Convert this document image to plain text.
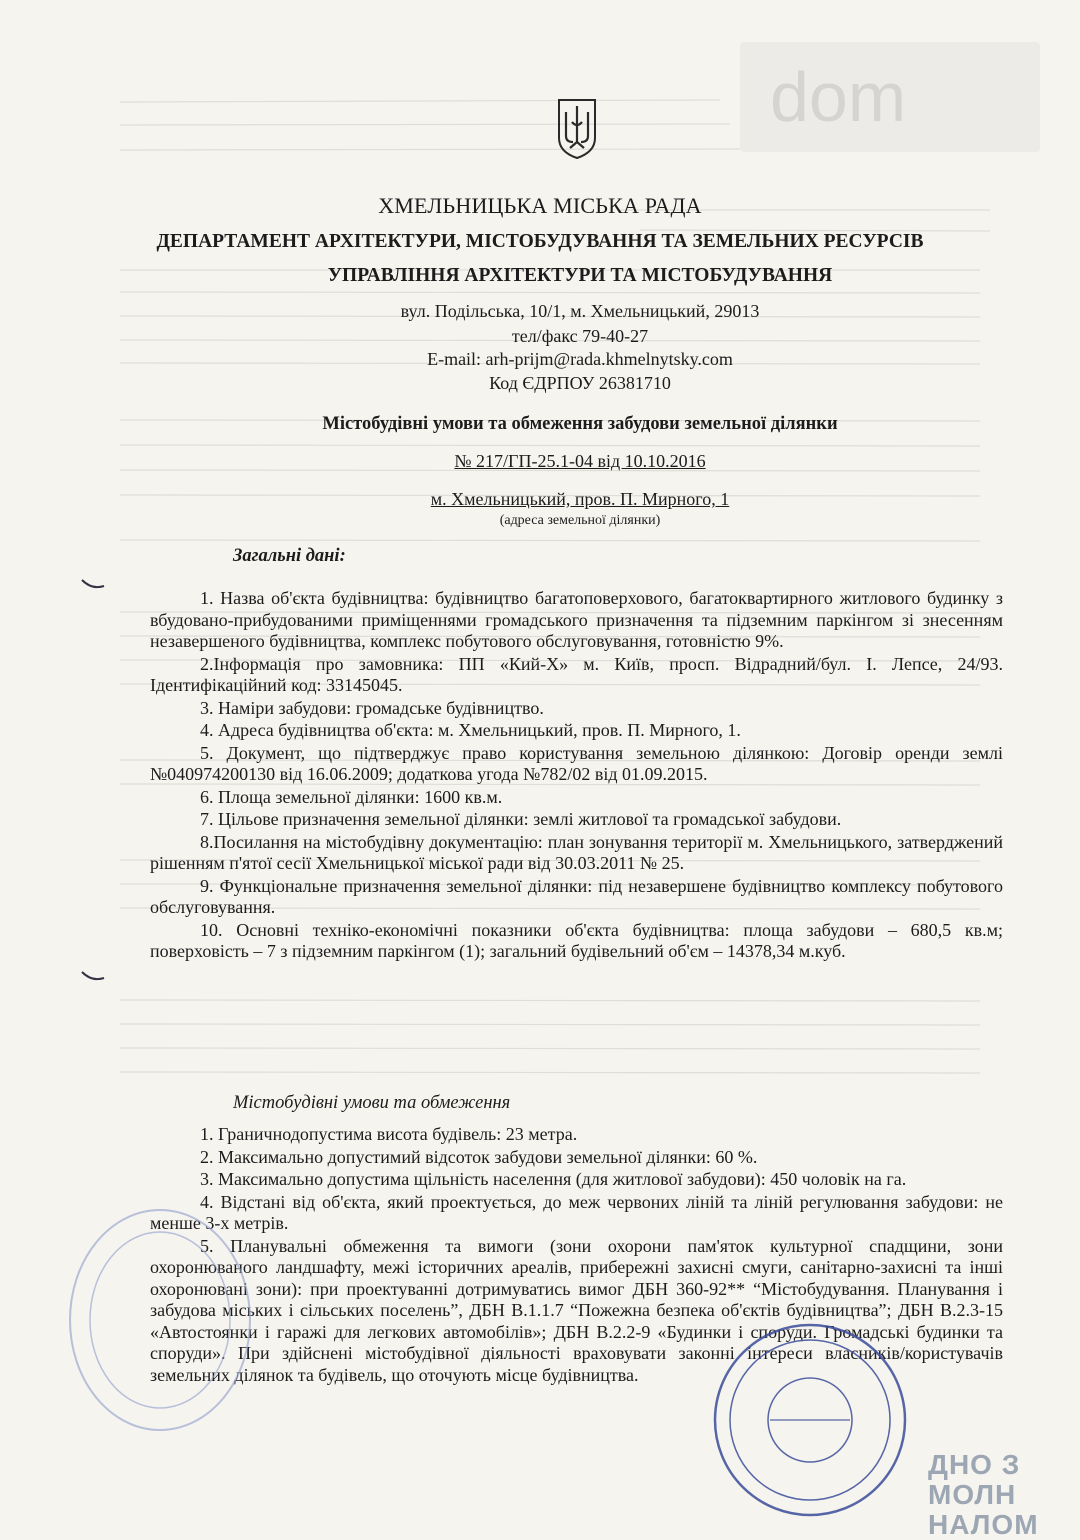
dom
ХМЕЛЬНИЦЬКА МІСЬКА РАДА
ДЕПАРТАМЕНТ АРХІТЕКТУРИ, МІСТОБУДУВАННЯ ТА ЗЕМЕЛЬНИХ РЕСУРСІВ
УПРАВЛІННЯ АРХІТЕКТУРИ ТА МІСТОБУДУВАННЯ
вул. Подільська, 10/1, м. Хмельницький, 29013
тел/факс 79-40-27
E-mail: arh-prijm@rada.khmelnytsky.com
Код ЄДРПОУ 26381710
Містобудівні умови та обмеження забудови земельної ділянки
№ 217/ГП-25.1-04 від 10.10.2016
м. Хмельницький, пров. П. Мирного, 1
(адреса земельної ділянки)
Загальні дані:

1. Назва об'єкта будівництва: будівництво багатоповерхового, багатоквартирного житлового будинку з вбудовано-прибудованими приміщеннями громадського призначення та підземним паркінгом зі знесенням незавершеного будівництва, комплекс побутового обслуговування, готовністю 9%.

2.Інформація про замовника: ПП «Кий-Х» м. Київ, просп. Відрадний/бул. І. Лепсе, 24/93. Ідентифікаційний код: 33145045.

3. Наміри забудови: громадське будівництво.

4. Адреса будівництва об'єкта: м. Хмельницький, пров. П. Мирного, 1.

5. Документ, що підтверджує право користування земельною ділянкою: Договір оренди землі №040974200130 від 16.06.2009; додаткова угода №782/02 від 01.09.2015.

6. Площа земельної ділянки: 1600 кв.м.

7. Цільове призначення земельної ділянки: землі житлової та громадської забудови.

8.Посилання на містобудівну документацію: план зонування території м. Хмельницького, затверджений рішенням п'ятої сесії Хмельницької міської ради від 30.03.2011 № 25.

9. Функціональне призначення земельної ділянки: під незавершене будівництво комплексу побутового обслуговування.

10. Основні техніко-економічні показники об'єкта будівництва: площа забудови – 680,5 кв.м; поверховість – 7 з підземним паркінгом (1); загальний будівельний об'єм – 14378,34 м.куб.

Містобудівні умови та обмеження

1. Граничнодопустима висота будівель: 23 метра.

2. Максимально допустимий відсоток забудови земельної ділянки: 60 %.

3. Максимально допустима щільність населення (для житлової забудови): 450 чоловік на га.

4. Відстані від об'єкта, який проектується, до меж червоних ліній та ліній регулювання забудови: не менше 3-х метрів.

5. Планувальні обмеження та вимоги (зони охорони пам'яток культурної спадщини, зони охоронюваного ландшафту, межі історичних ареалів, прибережні захисні смуги, санітарно-захисні та інші охоронювані зони): при проектуванні дотримуватись вимог ДБН 360-92** “Містобудування. Планування і забудова міських і сільських поселень”, ДБН В.1.1.7 “Пожежна безпека об'єктів будівництва”; ДБН В.2.3-15 «Автостоянки і гаражі для легкових автомобілів»; ДБН В.2.2-9 «Будинки і споруди. Громадські будинки та споруди». При здійснені містобудівної діяльності враховувати законні інтереси власників/користувачів земельних ділянок та будівель, що оточують місце будівництва.

ДНО З МОЛН НАЛОМ
